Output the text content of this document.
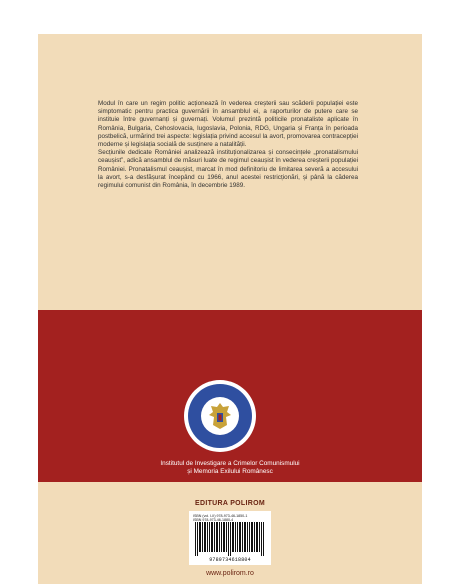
Modul în care un regim politic acționează în vederea creșterii sau scăderii populației este simptomatic pentru practica guvernării în ansamblul ei, a raporturilor de putere care se instituie între guvernanți și guvernați. Volumul prezintă politicile pronataliste aplicate în România, Bulgaria, Cehoslovacia, Iugoslavia, Polonia, RDG, Ungaria și Franța în perioada postbelică, urmărind trei aspecte: legislația privind accesul la avort, promovarea contracepției moderne și legislația socială de susținere a natalității.

Secțiunile dedicate României analizează instituționalizarea și consecințele „pronatalismului ceaușist”, adică ansamblul de măsuri luate de regimul ceaușist în vederea creșterii populației României. Pronatalismul ceaușist, marcat în mod definitoriu de limitarea severă a accesului la avort, s-a desfășurat începând cu 1966, anul acestei restricționări, și până la căderea regimului comunist din România, în decembrie 1989.

Institutul de Investigare a Crimelor Comunismului
și Memoria Exilului Românesc
EDITURA POLIROM
ISBN (vol. I-II) 978-973-46-1850-1
ISBN 978-973-46-1880-4
9789734618804
www.polirom.ro
